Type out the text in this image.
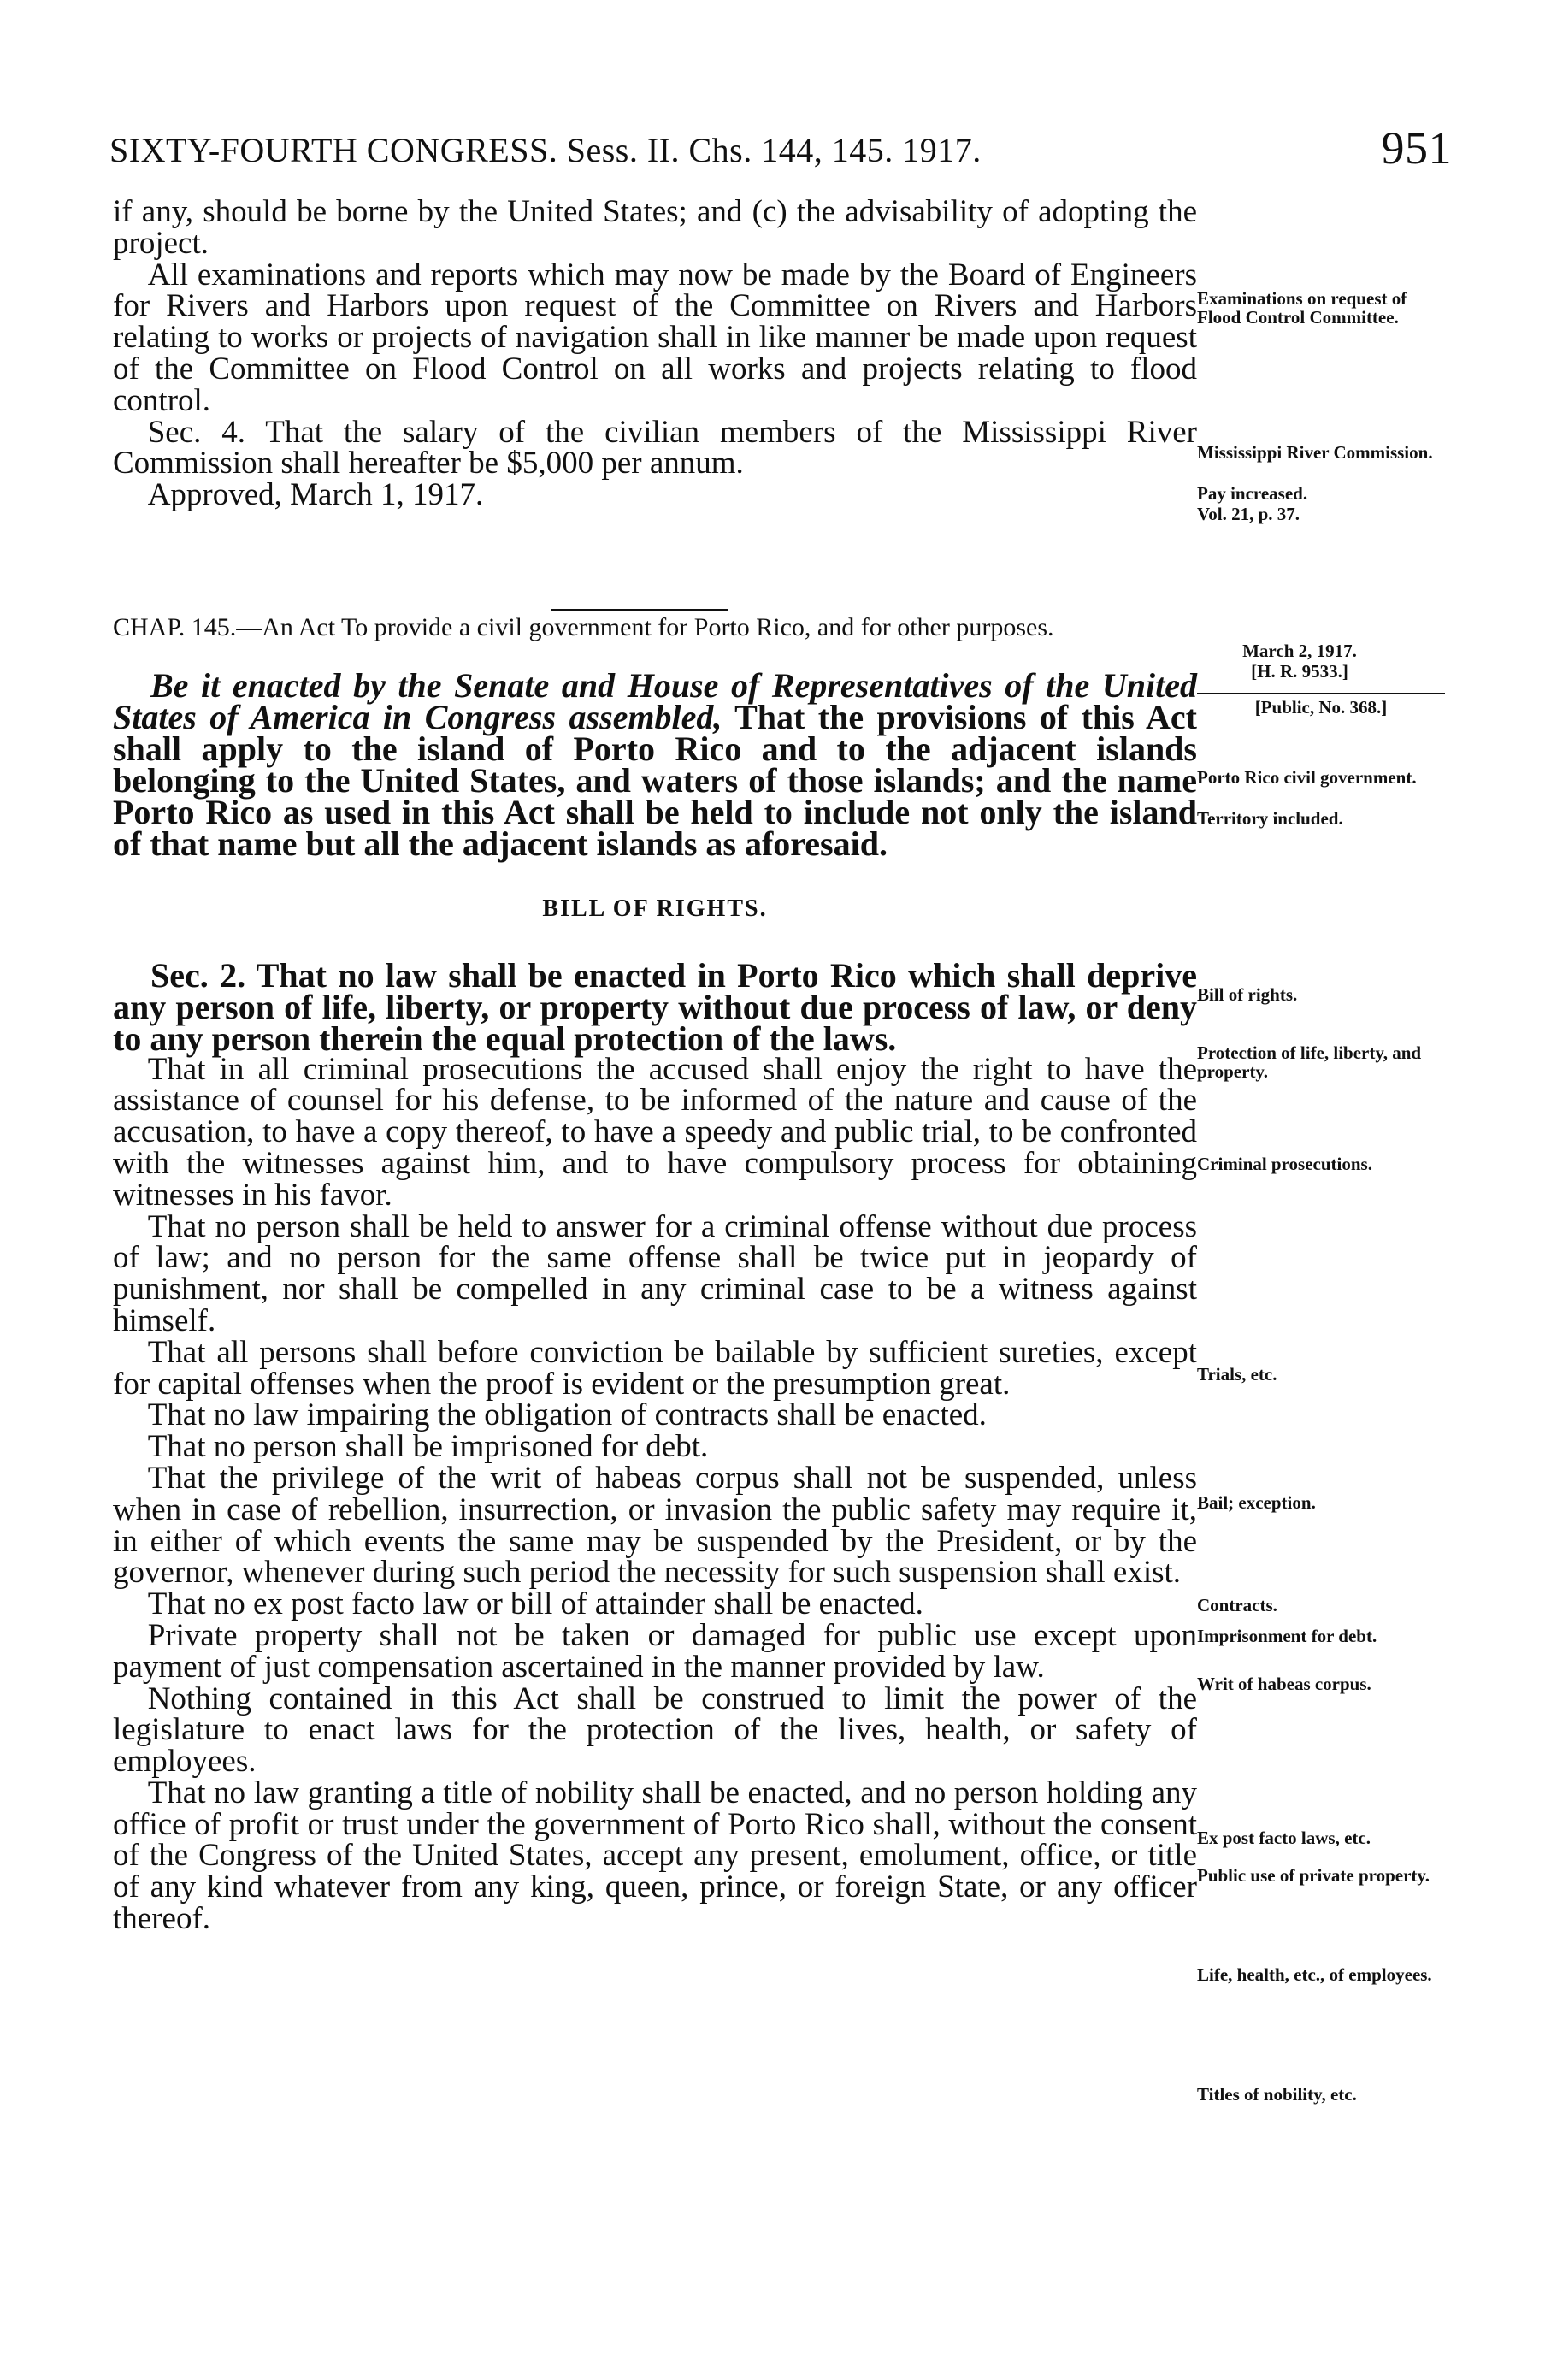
SIXTY-FOURTH CONGRESS. Sess. II. Chs. 144, 145. 1917.	951

if any, should be borne by the United States; and (c) the advisability of adopting the project.

All examinations and reports which may now be made by the Board of Engineers for Rivers and Harbors upon request of the Committee on Rivers and Harbors relating to works or projects of navigation shall in like manner be made upon request of the Committee on Flood Control on all works and projects relating to flood control.

Sec. 4. That the salary of the civilian members of the Mississippi River Commission shall hereafter be $5,000 per annum.

Approved, March 1, 1917.

CHAP. 145.—An Act To provide a civil government for Porto Rico, and for other purposes.

Be it enacted by the Senate and House of Representatives of the United States of America in Congress assembled, That the provisions of this Act shall apply to the island of Porto Rico and to the adjacent islands belonging to the United States, and waters of those islands; and the name Porto Rico as used in this Act shall be held to include not only the island of that name but all the adjacent islands as aforesaid.

BILL OF RIGHTS.

Sec. 2. That no law shall be enacted in Porto Rico which shall deprive any person of life, liberty, or property without due process of law, or deny to any person therein the equal protection of the laws.

That in all criminal prosecutions the accused shall enjoy the right to have the assistance of counsel for his defense, to be informed of the nature and cause of the accusation, to have a copy thereof, to have a speedy and public trial, to be confronted with the witnesses against him, and to have compulsory process for obtaining witnesses in his favor.

That no person shall be held to answer for a criminal offense without due process of law; and no person for the same offense shall be twice put in jeopardy of punishment, nor shall be compelled in any criminal case to be a witness against himself.

That all persons shall before conviction be bailable by sufficient sureties, except for capital offenses when the proof is evident or the presumption great.

That no law impairing the obligation of contracts shall be enacted.

That no person shall be imprisoned for debt.

That the privilege of the writ of habeas corpus shall not be suspended, unless when in case of rebellion, insurrection, or invasion the public safety may require it, in either of which events the same may be suspended by the President, or by the governor, whenever during such period the necessity for such suspension shall exist.

That no ex post facto law or bill of attainder shall be enacted.

Private property shall not be taken or damaged for public use except upon payment of just compensation ascertained in the manner provided by law.

Nothing contained in this Act shall be construed to limit the power of the legislature to enact laws for the protection of the lives, health, or safety of employees.

That no law granting a title of nobility shall be enacted, and no person holding any office of profit or trust under the government of Porto Rico shall, without the consent of the Congress of the United States, accept any present, emolument, office, or title of any kind whatever from any king, queen, prince, or foreign State, or any officer thereof.

Examinations on request of Flood Control Committee.
Mississippi River Commission.
Pay increased.
Vol. 21, p. 37.
March 2, 1917.
[H. R. 9533.]
[Public, No. 368.]
Porto Rico civil government.
Territory included.
Bill of rights.
Protection of life, liberty, and property.
Criminal prosecutions.
Trials, etc.
Bail; exception.
Contracts.
Imprisonment for debt.
Writ of habeas corpus.
Ex post facto laws, etc.
Public use of private property.
Life, health, etc., of employees.
Titles of nobility, etc.
